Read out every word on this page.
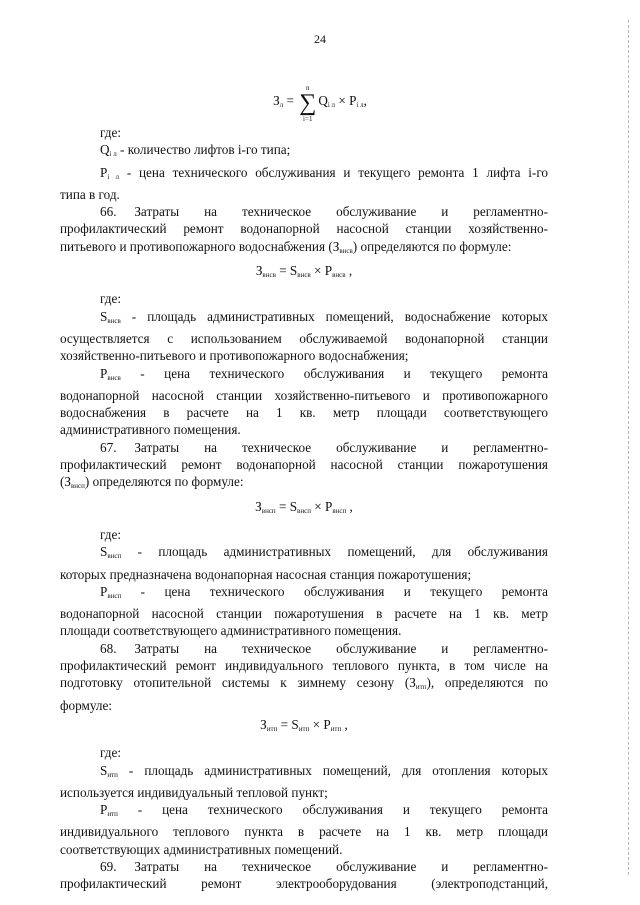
24
$З_л$ = ∑
n
i=1
$Q_{i л} \times P_{i л}$,

где:

$Q_{i л}$ - количество лифтов i-го типа;

$P_{i л}$ - цена технического обслуживания и текущего ремонта 1 лифта i-го

типа в год.

66.     Затраты       на       техническое       обслуживание       и       регламентно-

профилактический ремонт водонапорной насосной станции хозяйственно-

питьевого и противопожарного водоснабжения $(З_{внсв})$ определяются по формуле:

$З_{внсв} = S_{внсв} \times P_{внсв}$ ,

где:

$S_{внсв}$ - площадь административных помещений, водоснабжение которых

осуществляется с использованием обслуживаемой водонапорной станции

хозяйственно-питьевого и противопожарного водоснабжения;

$P_{внсв}$   -   цена   технического   обслуживания   и   текущего   ремонта

водонапорной насосной станции хозяйственно-питьевого и противопожарного

водоснабжения   в   расчете   на   1   кв.   метр   площади   соответствующего

административного помещения.

67.     Затраты       на       техническое       обслуживание       и       регламентно-

профилактический ремонт водонапорной насосной станции пожаротушения

$(З_{внсп})$ определяются по формуле:

$З_{внсп} = S_{внсп} \times P_{внсп}$ ,

где:

$S_{внсп}$  -  площадь  административных  помещений,  для  обслуживания

которых предназначена водонапорная насосная станция пожаротушения;

$P_{внсп}$   -   цена   технического   обслуживания   и   текущего   ремонта

водонапорной насосной станции пожаротушения в расчете на 1 кв. метр

площади соответствующего административного помещения.

68.     Затраты       на       техническое       обслуживание       и       регламентно-

профилактический ремонт индивидуального теплового пункта, в том числе на

подготовку отопительной системы к зимнему сезону $(З_{итп})$, определяются по

формуле:

$З_{итп} = S_{итп} \times P_{итп}$ ,

где:

$S_{итп}$ - площадь административных помещений, для отопления которых

используется индивидуальный тепловой пункт;

$P_{итп}$    -    цена    технического    обслуживания    и    текущего    ремонта

индивидуального   теплового   пункта   в   расчете   на   1   кв.   метр   площади

соответствующих административных помещений.

69.     Затраты       на       техническое       обслуживание       и       регламентно-

профилактический        ремонт        электрооборудования        (электроподстанций,
